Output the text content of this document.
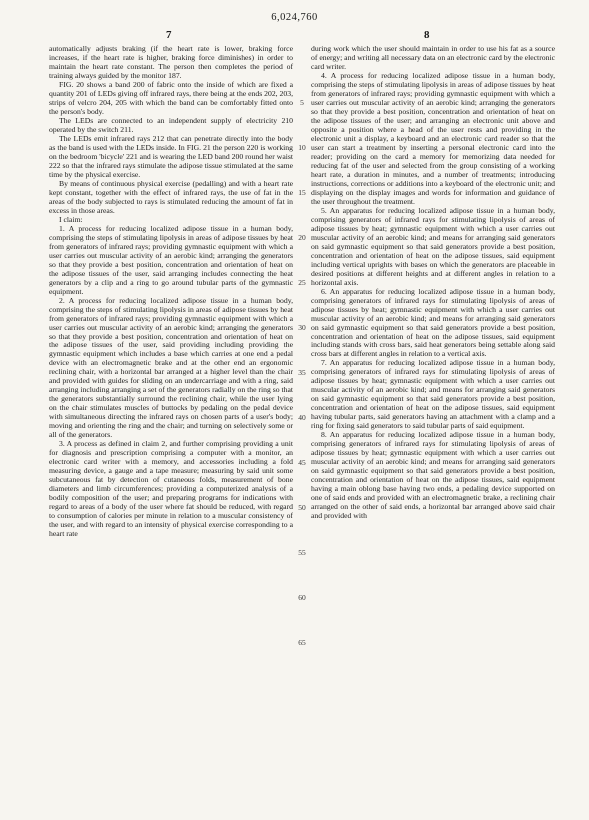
6,024,760
7	8
5
10
15
20
25
30
35
40
45
50
55
60
65

automatically adjusts braking (if the heart rate is lower, braking force increases, if the heart rate is higher, braking force diminishes) in order to maintain the heart rate constant. The person then completes the period of training always guided by the monitor 187.

FIG. 20 shows a band 200 of fabric onto the inside of which are fixed a quantity 201 of LEDs giving off infrared rays, there being at the ends 202, 203, strips of velcro 204, 205 with which the band can be comfortably fitted onto the person's body.

The LEDs are connected to an independent supply of electricity 210 operated by the switch 211.

The LEDs emit infrared rays 212 that can penetrate directly into the body as the band is used with the LEDs inside. In FIG. 21 the person 220 is working on the bedroom 'bicycle' 221 and is wearing the LED band 200 round her waist 222 so that the infrared rays stimulate the adipose tissue stimulated at the same time by the physical exercise.

By means of continuous physical exercise (pedalling) and with a heart rate kept constant, together with the effect of infrared rays, the use of fat in the areas of the body subjected to rays is stimulated reducing the amount of fat in excess in those areas.

I claim:

1. A process for reducing localized adipose tissue in a human body, comprising the steps of stimulating lipolysis in areas of adipose tissues by heat from generators of infrared rays; providing gymnastic equipment with which a user carries out muscular activity of an aerobic kind; arranging the generators so that they provide a best position, concentration and orientation of heat on the adipose tissues of the user, said arranging includes connecting the heat generators by a clip and a ring to go around tubular parts of the gymnastic equipment.

2. A process for reducing localized adipose tissue in a human body, comprising the steps of stimulating lipolysis in areas of adipose tissues by heat from generators of infrared rays; providing gymnastic equipment with which a user carries out muscular activity of an aerobic kind; arranging the generators so that they provide a best position, concentration and orientation of heat on the adipose tissues of the user, said providing including providing the gymnastic equipment which includes a base which carries at one end a pedal device with an electromagnetic brake and at the other end an ergonomic reclining chair, with a horizontal bar arranged at a higher level than the chair and provided with guides for sliding on an undercarriage and with a ring, said arranging including arranging a set of the generators radially on the ring so that the generators substantially surround the reclining chair, while the user lying on the chair stimulates muscles of buttocks by pedaling on the pedal device with simultaneous directing the infrared rays on chosen parts of a user's body; moving and orienting the ring and the chair; and turning on selectively some or all of the generators.

3. A process as defined in claim 2, and further comprising providing a unit for diagnosis and prescription comprising a computer with a monitor, an electronic card writer with a memory, and accessories including a fold measuring device, a gauge and a tape measure; measuring by said unit some subcutaneous fat by detection of cutaneous folds, measurement of bone diameters and limb circumferences; providing a computerized analysis of a bodily composition of the user; and preparing programs for indications with regard to areas of a body of the user where fat should be reduced, with regard to consumption of calories per minute in relation to a muscular consistency of the user, and with regard to an intensity of physical exercise corresponding to a heart rate

during work which the user should maintain in order to use his fat as a source of energy; and writing all necessary data on an electronic card by the electronic card writer.

4. A process for reducing localized adipose tissue in a human body, comprising the steps of stimulating lipolysis in areas of adipose tissues by heat from generators of infrared rays; providing gymnastic equipment with which a user carries out muscular activity of an aerobic kind; arranging the generators so that they provide a best position, concentration and orientation of heat on the adipose tissues of the user; and arranging an electronic unit above and opposite a position where a head of the user rests and providing in the electronic unit a display, a keyboard and an electronic card reader so that the user can start a treatment by inserting a personal electronic card into the reader; providing on the card a memory for memorizing data needed for reducing fat of the user and selected from the group consisting of a working heart rate, a duration in minutes, and a number of treatments; introducing instructions, corrections or additions into a keyboard of the electronic unit; and displaying on the display images and words for information and guidance of the user throughout the treatment.

5. An apparatus for reducing localized adipose tissue in a human body, comprising generators of infrared rays for stimulating lipolysis of areas of adipose tissues by heat; gymnastic equipment with which a user carries out muscular activity of an aerobic kind; and means for arranging said generators on said gymnastic equipment so that said generators provide a best position, concentration and orientation of heat on the adipose tissues, said equipment including vertical uprights with bases on which the generators are placeable in desired positions at different heights and at different angles in relation to a horizontal axis.

6. An apparatus for reducing localized adipose tissue in a human body, comprising generators of infrared rays for stimulating lipolysis of areas of adipose tissues by heat; gymnastic equipment with which a user carries out muscular activity of an aerobic kind; and means for arranging said generators on said gymnastic equipment so that said generators provide a best position, concentration and orientation of heat on the adipose tissues, said equipment including stands with cross bars, said heat generators being settable along said cross bars at different angles in relation to a vertical axis.

7. An apparatus for reducing localized adipose tissue in a human body, comprising generators of infrared rays for stimulating lipolysis of areas of adipose tissues by heat; gymnastic equipment with which a user carries out muscular activity of an aerobic kind; and means for arranging said generators on said gymnastic equipment so that said generators provide a best position, concentration and orientation of heat on the adipose tissues, said equipment having tubular parts, said generators having an attachment with a clamp and a ring for fixing said generators to said tubular parts of said equipment.

8. An apparatus for reducing localized adipose tissue in a human body, comprising generators of infrared rays for stimulating lipolysis of areas of adipose tissues by heat; gymnastic equipment with which a user carries out muscular activity of an aerobic kind; and means for arranging said generators on said gymnastic equipment so that said generators provide a best position, concentration and orientation of heat on the adipose tissues, said equipment having a main oblong base having two ends, a pedaling device supported on one of said ends and provided with an electromagnetic brake, a reclining chair arranged on the other of said ends, a horizontal bar arranged above said chair and provided with
